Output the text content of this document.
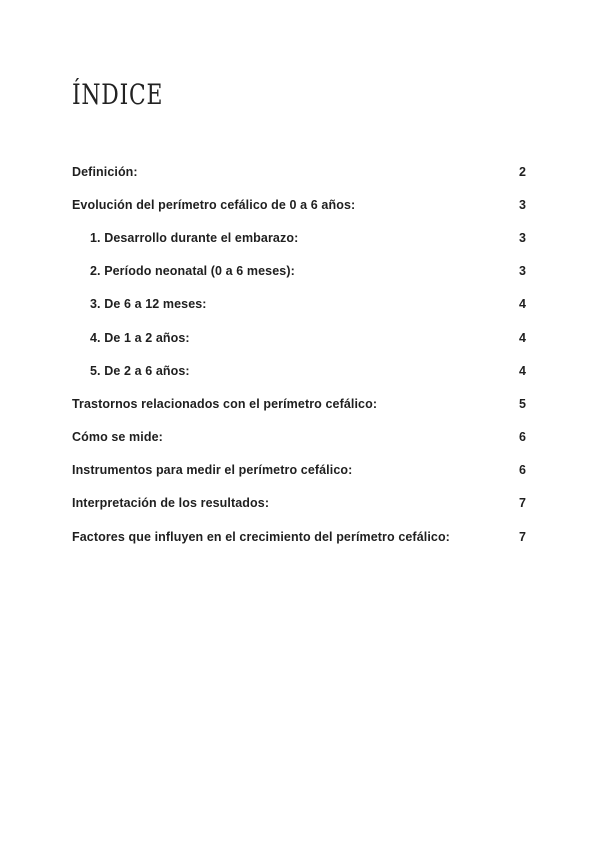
ÍNDICE
Definición:	2
Evolución del perímetro cefálico de 0 a 6 años:	3
1. Desarrollo durante el embarazo:	3
2. Período neonatal (0 a 6 meses):	3
3. De 6 a 12 meses:	4
4. De 1 a 2 años:	4
5. De 2 a 6 años:	4
Trastornos relacionados con el perímetro cefálico:	5
Cómo se mide:	6
Instrumentos para medir el perímetro cefálico:	6
Interpretación de los resultados:	7
Factores que influyen en el crecimiento del perímetro cefálico:	7
